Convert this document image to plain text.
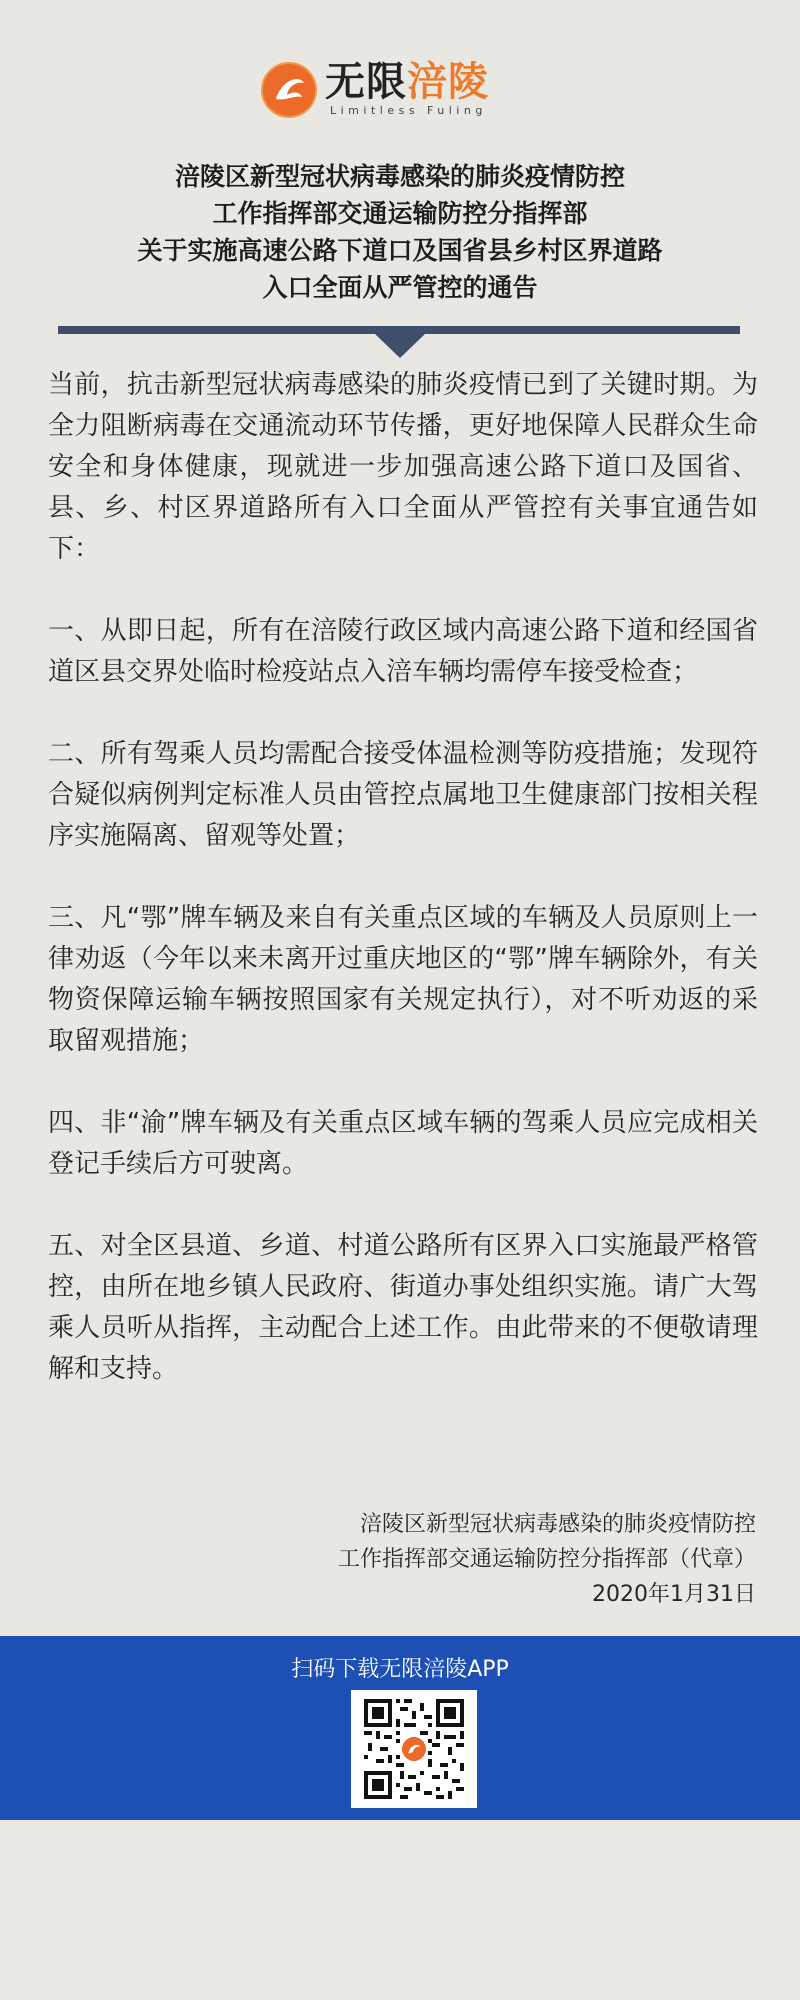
无限涪陵
Limitless Fuling
涪陵区新型冠状病毒感染的肺炎疫情防控
工作指挥部交通运输防控分指挥部
关于实施高速公路下道口及国省县乡村区界道路
入口全面从严管控的通告

当前，抗击新型冠状病毒感染的肺炎疫情已到了关键时期。为全力阻断病毒在交通流动环节传播，更好地保障人民群众生命安全和身体健康，现就进一步加强高速公路下道口及国省、县、乡、村区界道路所有入口全面从严管控有关事宜通告如下：

一、从即日起，所有在涪陵行政区域内高速公路下道和经国省道区县交界处临时检疫站点入涪车辆均需停车接受检查；

二、所有驾乘人员均需配合接受体温检测等防疫措施；发现符合疑似病例判定标准人员由管控点属地卫生健康部门按相关程序实施隔离、留观等处置；

三、凡“鄂”牌车辆及来自有关重点区域的车辆及人员原则上一律劝返（今年以来未离开过重庆地区的“鄂”牌车辆除外，有关物资保障运输车辆按照国家有关规定执行），对不听劝返的采取留观措施；

四、非“渝”牌车辆及有关重点区域车辆的驾乘人员应完成相关登记手续后方可驶离。

五、对全区县道、乡道、村道公路所有区界入口实施最严格管控，由所在地乡镇人民政府、街道办事处组织实施。请广大驾乘人员听从指挥，主动配合上述工作。由此带来的不便敬请理解和支持。

涪陵区新型冠状病毒感染的肺炎疫情防控
工作指挥部交通运输防控分指挥部（代章）
2020年1月31日
扫码下载无限涪陵APP
